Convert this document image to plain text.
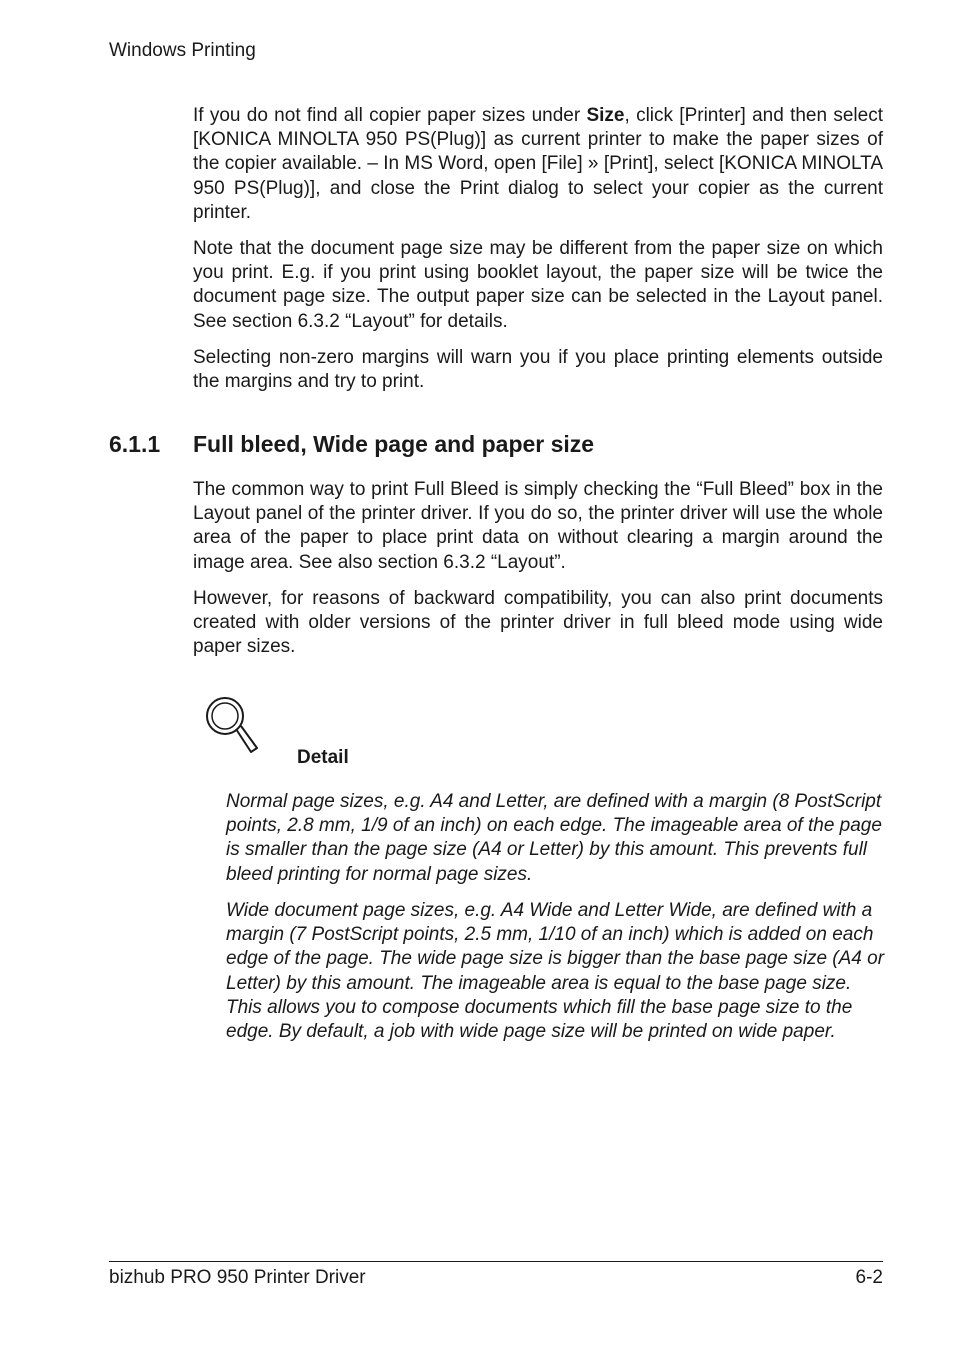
Windows Printing

If you do not find all copier paper sizes under Size, click [Printer] and then select [KONICA MINOLTA 950 PS(Plug)] as current printer to make the paper sizes of the copier available. – In MS Word, open [File] » [Print], select [KONICA MINOLTA 950 PS(Plug)], and close the Print dialog to select your copier as the current printer.

Note that the document page size may be different from the paper size on which you print. E.g. if you print using booklet layout, the paper size will be twice the document page size. The output paper size can be selected in the Layout panel. See section 6.3.2 “Layout” for details.

Selecting non-zero margins will warn you if you place printing elements outside the margins and try to print.

6.1.1 Full bleed, Wide page and paper size

The common way to print Full Bleed is simply checking the “Full Bleed” box in the Layout panel of the printer driver. If you do so, the printer driver will use the whole area of the paper to place print data on without clearing a margin around the image area. See also section 6.3.2 “Layout”.

However, for reasons of backward compatibility, you can also print documents created with older versions of the printer driver in full bleed mode using wide paper sizes.

Detail

Normal page sizes, e.g. A4 and Letter, are defined with a margin (8 PostScript points, 2.8 mm, 1/9 of an inch) on each edge. The imageable area of the page is smaller than the page size (A4 or Letter) by this amount. This prevents full bleed printing for normal page sizes.

Wide document page sizes, e.g. A4 Wide and Letter Wide, are defined with a margin (7 PostScript points, 2.5 mm, 1/10 of an inch) which is added on each edge of the page. The wide page size is bigger than the base page size (A4 or Letter) by this amount. The imageable area is equal to the base page size. This allows you to compose documents which fill the base page size to the edge. By default, a job with wide page size will be printed on wide paper.

bizhub PRO 950 Printer Driver	6-2
